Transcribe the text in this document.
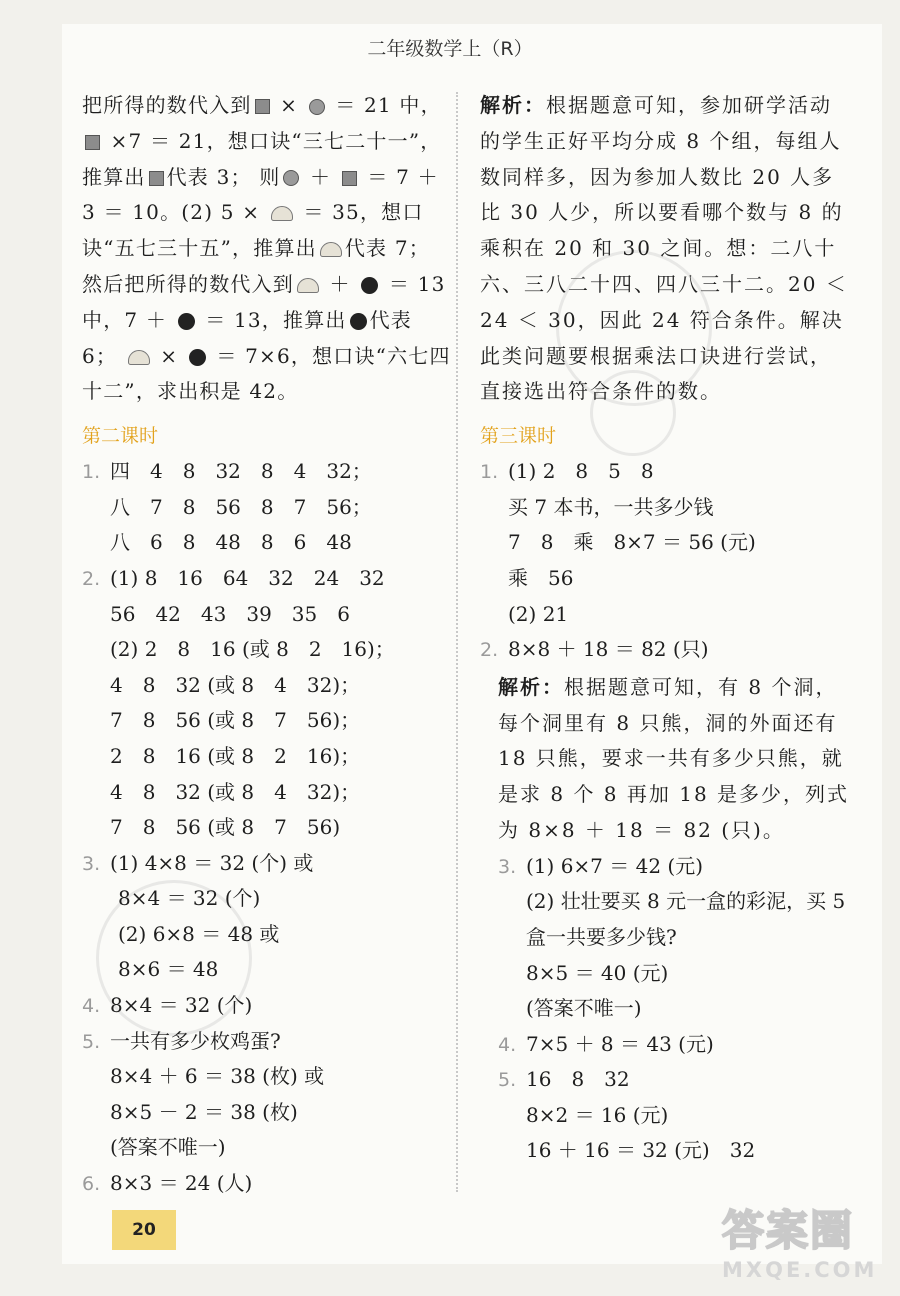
二年级数学上（R）
把所得的数代入到 ×  ＝ 21 中， ×7 ＝ 21，想口诀“三七二十一”，推算出 代表 3； 则 ＋  ＝ 7 ＋ 3 ＝ 10。(2) 5 ×  ＝ 35，想口诀“五七三十五”，推算出 代表 7； 然后把所得的数代入到 ＋  ＝ 13 中，7 ＋  ＝ 13，推算出 代表 6；  ×  ＝ 7×6，想口诀“六七四十二”，求出积是 42。
第二课时
1. 四　4　8　32　8　4　32；
八　7　8　56　8　7　56；
八　6　8　48　8　6　48
2. (1) 8　16　64　32　24　32
56　42　43　39　35　6
(2) 2　8　16 (或 8　2　16)；
4　8　32 (或 8　4　32)；
7　8　56 (或 8　7　56)；
2　8　16 (或 8　2　16)；
4　8　32 (或 8　4　32)；
7　8　56 (或 8　7　56)
3. (1) 4×8 ＝ 32 (个) 或
8×4 ＝ 32 (个)
(2) 6×8 ＝ 48 或
8×6 ＝ 48
4. 8×4 ＝ 32 (个)
5. 一共有多少枚鸡蛋?
8×4 ＋ 6 ＝ 38 (枚) 或
8×5 － 2 ＝ 38 (枚)
(答案不唯一)
6. 8×3 ＝ 24 (人)
解析：根据题意可知，参加研学活动的学生正好平均分成 8 个组，每组人数同样多，因为参加人数比 20 人多比 30 人少，所以要看哪个数与 8 的乘积在 20 和 30 之间。想：二八十六、三八二十四、四八三十二。20 ＜ 24 ＜ 30，因此 24 符合条件。解决此类问题要根据乘法口诀进行尝试，直接选出符合条件的数。
第三课时
1. (1) 2　8　5　8
买 7 本书，一共多少钱
7　8　乘　8×7 ＝ 56 (元)
乘　56
(2) 21
2. 8×8 ＋ 18 ＝ 82 (只)
解析：根据题意可知，有 8 个洞，每个洞里有 8 只熊，洞的外面还有 18 只熊，要求一共有多少只熊，就是求 8 个 8 再加 18 是多少，列式为 8×8 ＋ 18 ＝ 82 (只)。
3. (1) 6×7 ＝ 42 (元)
(2) 壮壮要买 8 元一盒的彩泥，买 5
盒一共要多少钱?
8×5 ＝ 40 (元)
(答案不唯一)
4. 7×5 ＋ 8 ＝ 43 (元)
5. 16　8　32
8×2 ＝ 16 (元)
16 ＋ 16 ＝ 32 (元)　32
20	答案圈
MXQE.COM
